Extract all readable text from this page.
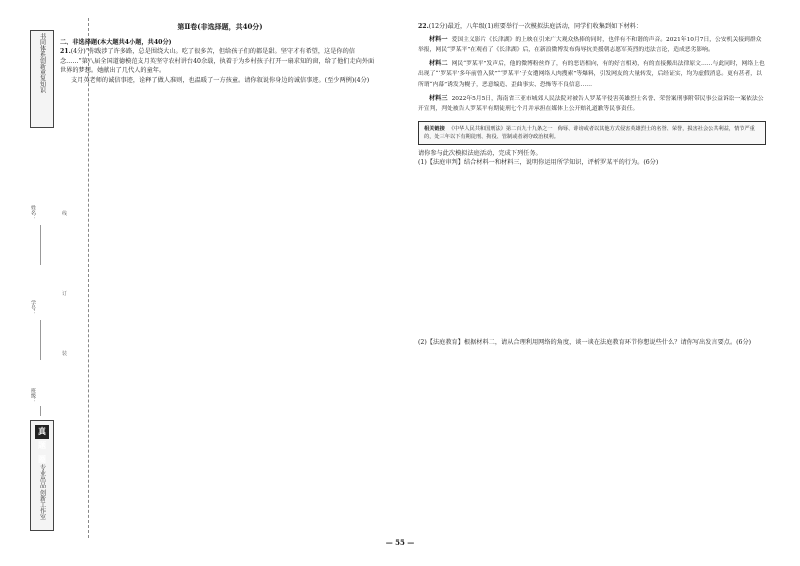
书同体系创新重复知识
姓名：
学号：
班级：
线
订
装
真题圈
专业出品 创新工作室
第Ⅱ卷(非选择题，共40分)
二、非选择题(本大题共4小题，共40分)

21.(4分)“你跋涉了许多路，总是围绕大山。吃了很多苦，但给孩子们的都是甜。坚守才有希望，这是你的信念……”第八届全国道德模范支月英坚守农村讲台40余载，执着于为乡村孩子打开一扇求知的窗，给了他们走向外面世界的梦想。她献出了几代人的童年。

支月英老师的诚信事迹，诠释了做人准则，也温暖了一方孩童。请你叙说你身边的诚信事迹。(至少两例)(4分)

22.(12分)最近，八年级(1)班要举行一次模拟法庭活动，同学们收集到如下材料：

材料一 爱国主义影片《长津湖》的上映在引来广大观众热捧的同时，也伴有不和谐的声音。2021年10月7日，公安机关接到群众举报，网民“罗某平”在观看了《长津湖》后，在新浪微博发布侮辱抗美援朝志愿军英烈的违法言论，造成恶劣影响。

材料二 网民“罗某平”发声后，他的微博粉丝炸了，有的恶语相向，有的好言相劝，有的直接搬出法律原文……与此同时，网络上也出现了“‘罗某平’多年前曾入狱”“‘罗某平’子女遭网络人肉搜索”等爆料，引发网友的大量转发，后经证实，均为虚假消息。更有甚者，以所谓“内幕”诱发为幌子，恶意编造、歪曲事实、恐怖等不良信息……

材料三 2022年5月5日，海南省三亚市城郊人民法院对被告人罗某平侵害英雄烈士名誉、荣誉案刑事附带民事公益诉讼一案依法公开宣判，判处被告人罗某平有期徒刑七个月并承担在媒体上公开赔礼道歉等民事责任。

相关链接 《中华人民共和国刑法》第二百九十九条之一　侮辱、诽谤或者以其他方式侵害英雄烈士的名誉、荣誉，损害社会公共利益，情节严重的，处三年以下有期徒刑、拘役、管制或者剥夺政治权利。

请你参与此次模拟法庭活动，完成下列任务。

(1)【法庭审判】结合材料一和材料三，说明你运用所学知识，评析罗某平的行为。(6分)

(2)【法庭教育】根据材料二，请从合理利用网络的角度，谈一谈在法庭教育环节你想说些什么？请你写出发言要点。(6分)

— 55 —
